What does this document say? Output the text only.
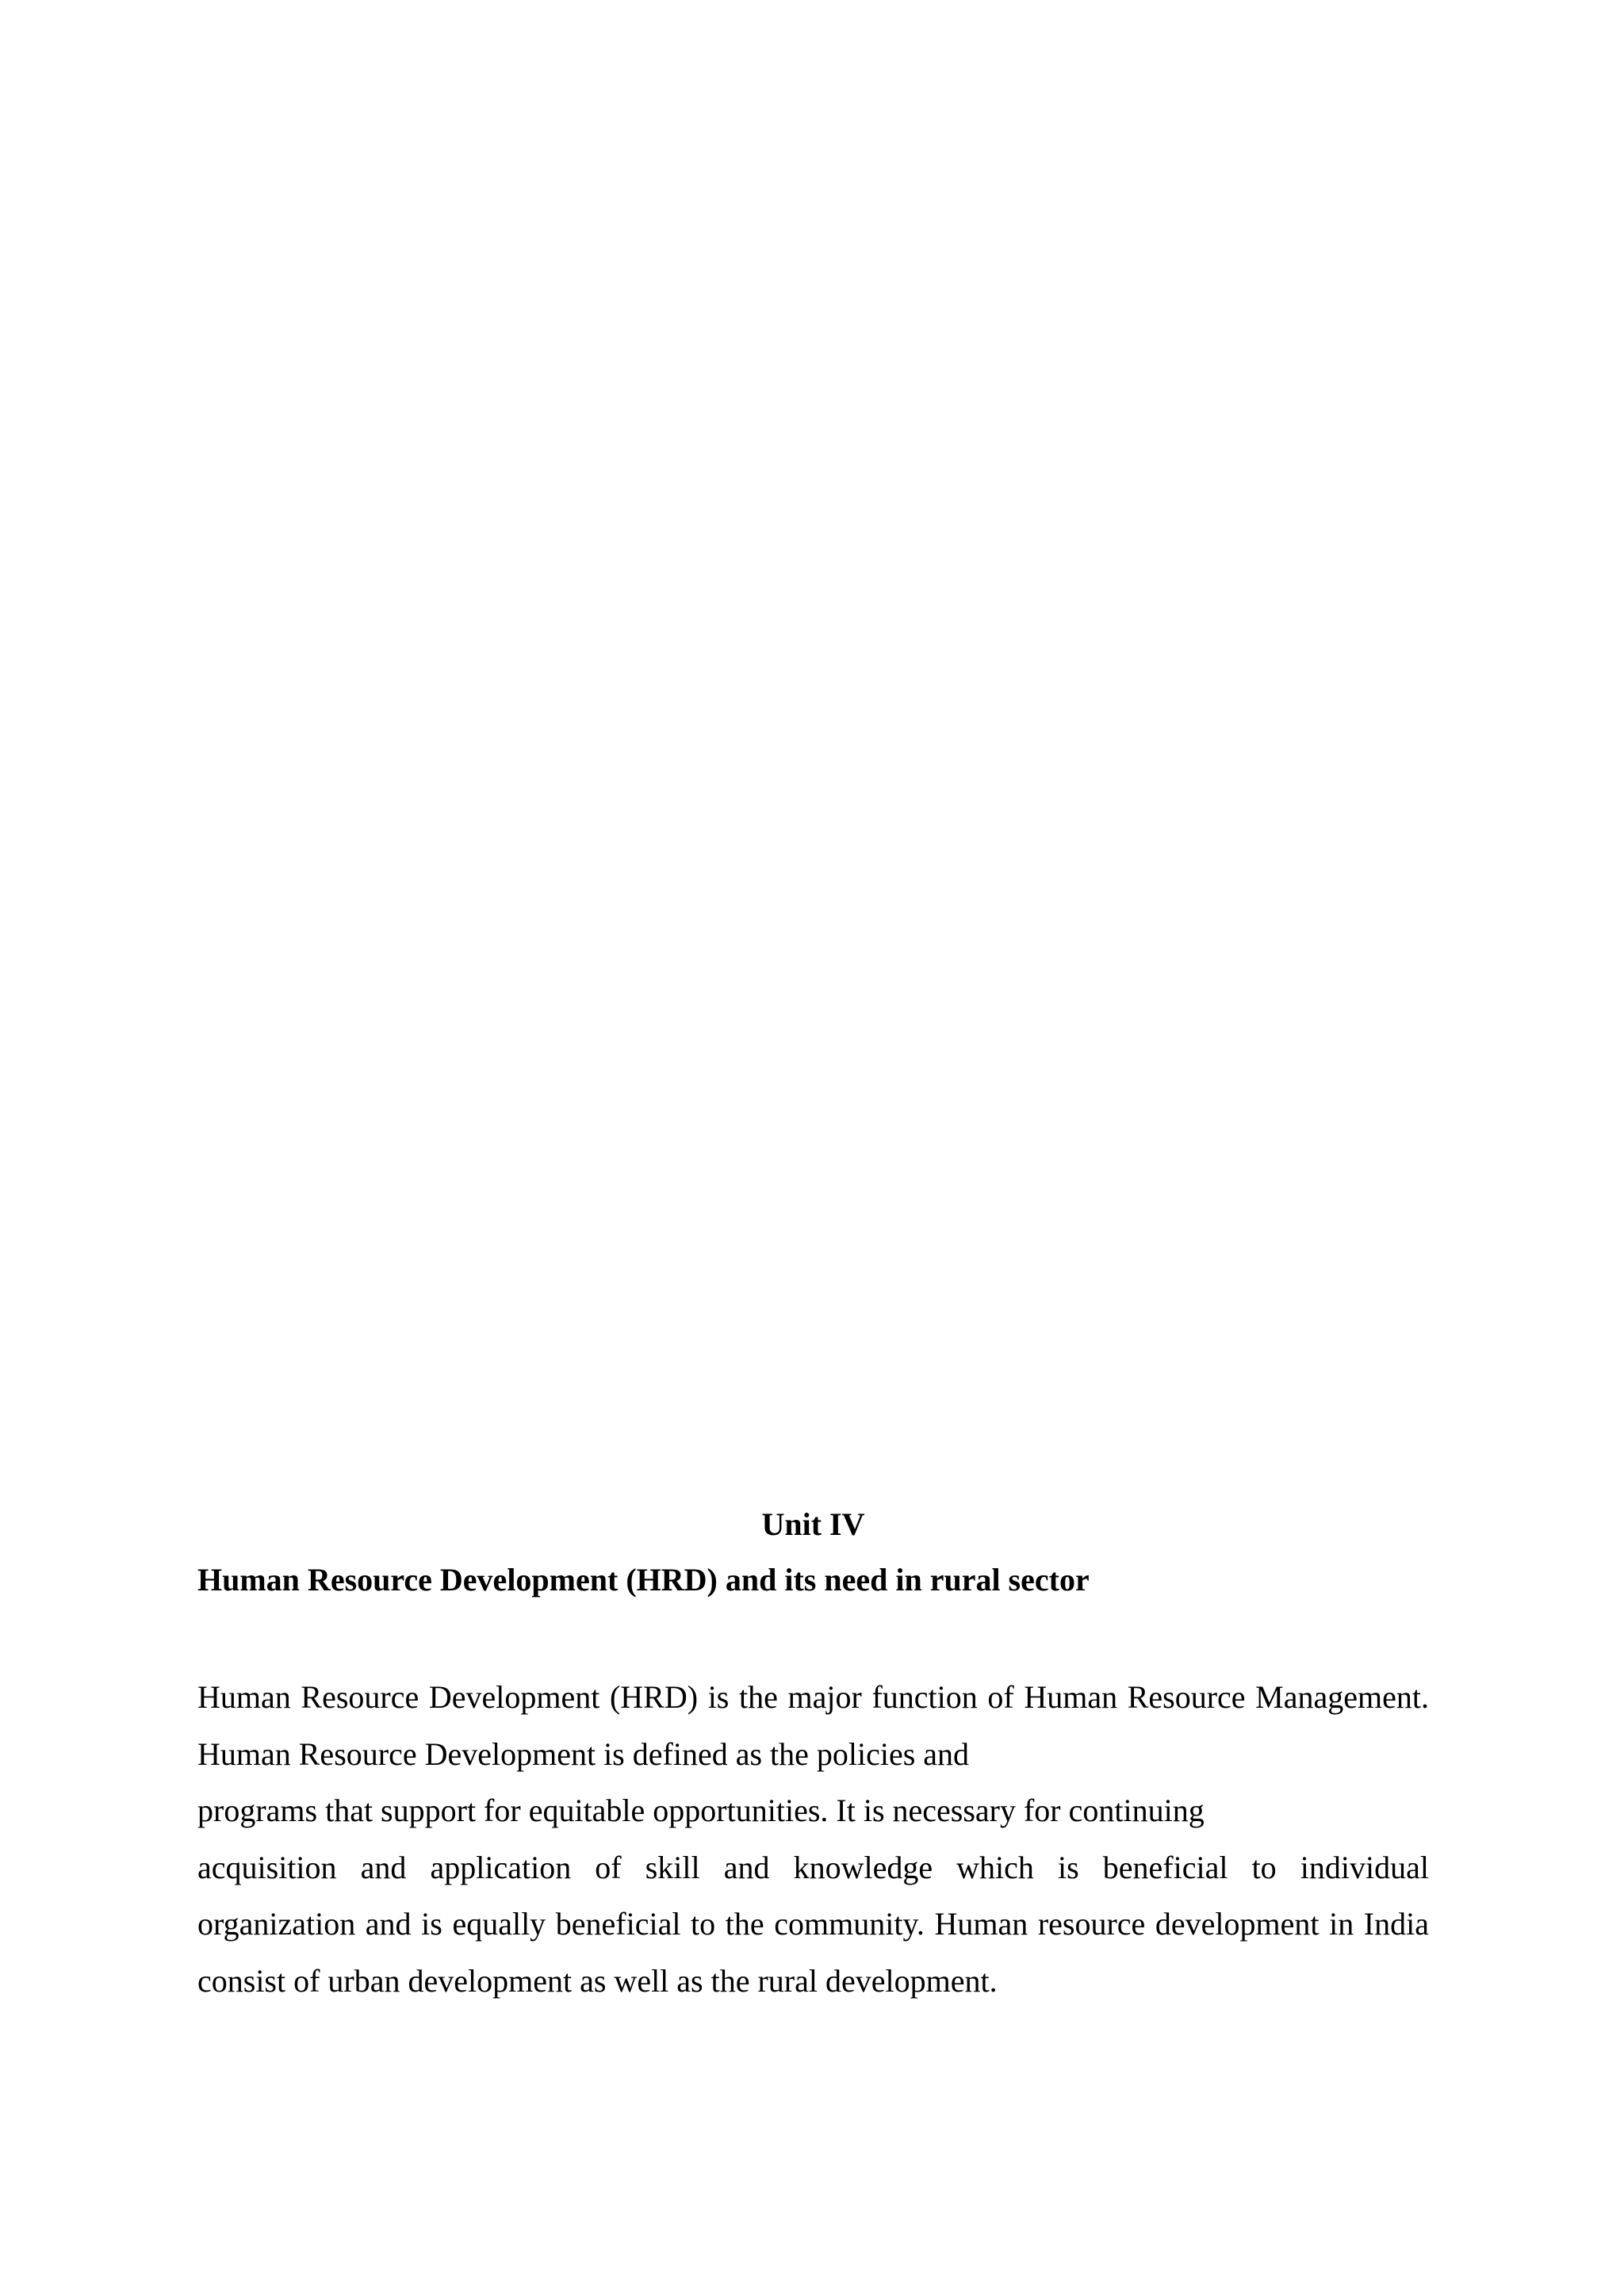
Unit IV
Human Resource Development (HRD) and its need in rural sector
Human Resource Development (HRD) is the major function of Human Resource Management.
Human Resource Development is defined as the policies and
programs that support for equitable opportunities. It is necessary for continuing
acquisition and application of skill and knowledge which is beneficial to individual
organization and is equally beneficial to the community. Human resource development in India
consist of urban development as well as the rural development.
